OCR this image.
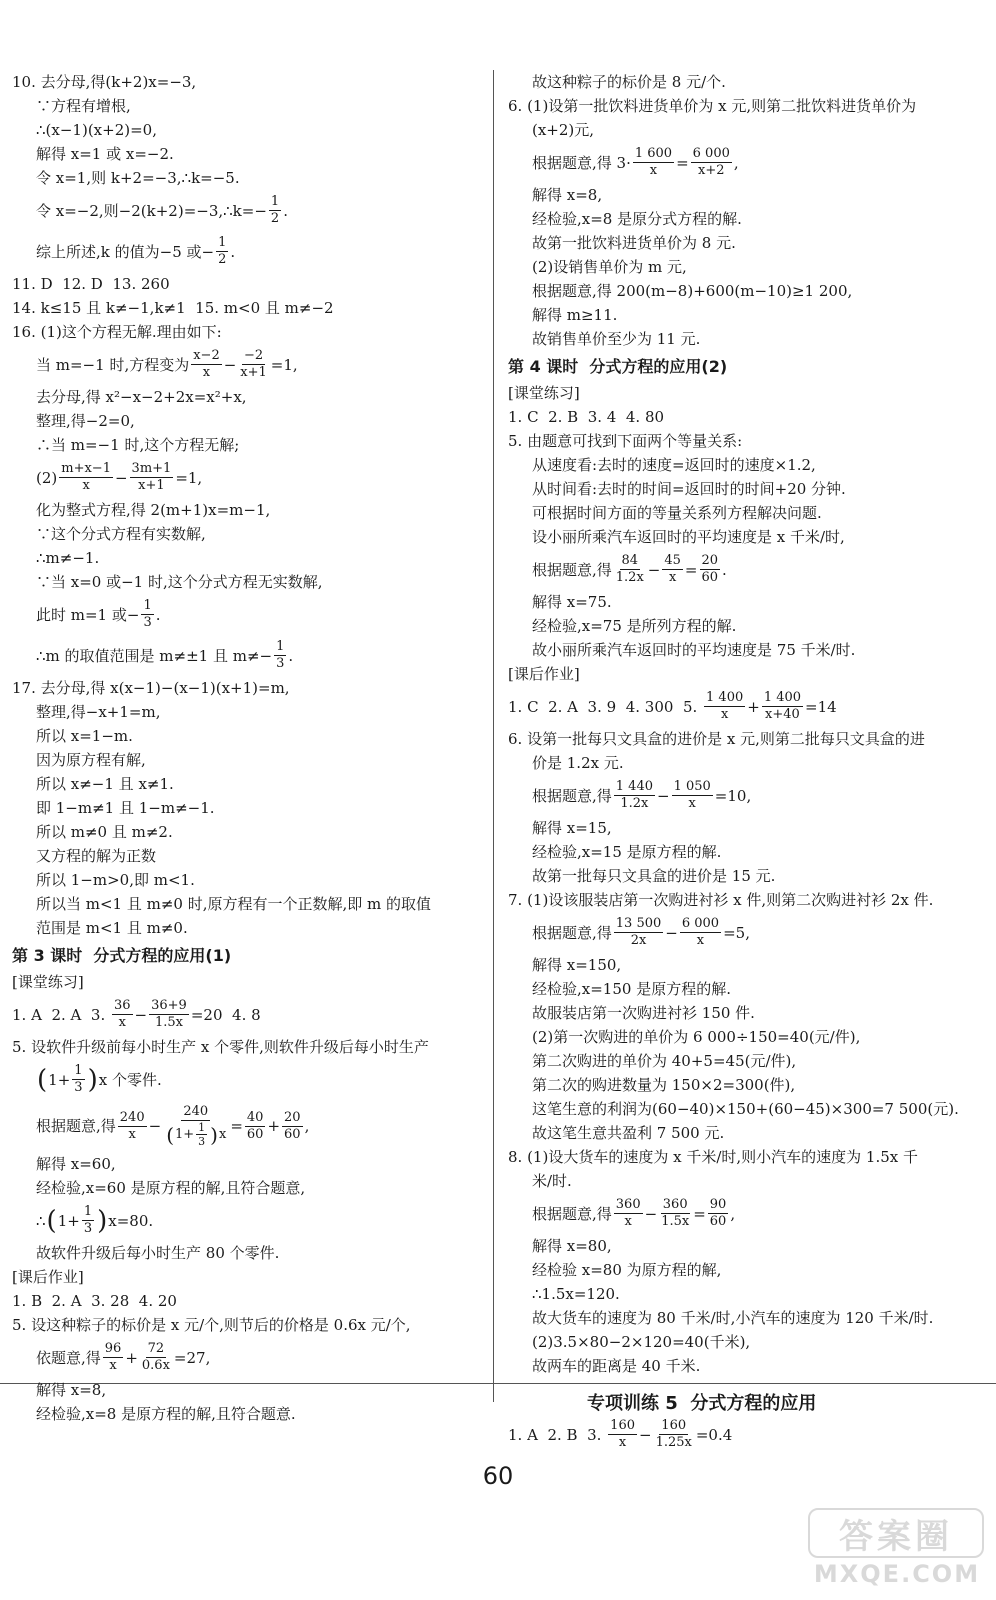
10. 去分母,得(k+2)x=−3,
∵方程有增根,
∴(x−1)(x+2)=0,
解得 x=1 或 x=−2.
令 x=1,则 k+2=−3,∴k=−5.
令 x=−2,则−2(k+2)=−3,∴k=− $\frac{1}{2}$ .
综上所述,k 的值为−5 或− $\frac{1}{2}$ .
11. D  12. D  13. 260
14. k≤15 且 k≠−1,k≠1  15. m<0 且 m≠−2
16. (1)这个方程无解.理由如下:
当 m=−1 时,方程变为 $\frac{x-2}{x} - \frac{-2}{x+1} =1$,
去分母,得 x²−x−2+2x=x²+x,
整理,得−2=0,
∴当 m=−1 时,这个方程无解;
$(2) \frac{m+x-1}{x} - \frac{3m+1}{x+1} =1$,
化为整式方程,得 2(m+1)x=m−1,
∵这个分式方程有实数解,
∴m≠−1.
∵当 x=0 或−1 时,这个分式方程无实数解,
此时 m=1 或− $\frac{1}{3}$ .
∴m 的取值范围是 m≠±1 且 $m\ne- \frac{1}{3}$ .
17. 去分母,得 x(x−1)−(x−1)(x+1)=m,
整理,得−x+1=m,
所以 x=1−m.
因为原方程有解,
所以 x≠−1 且 x≠1.
即 1−m≠1 且 1−m≠−1.
所以 m≠0 且 m≠2.
又方程的解为正数
所以 1−m>0,即 m<1.
所以当 m<1 且 m≠0 时,原方程有一个正数解,即 m 的取值
范围是 m<1 且 m≠0.
第 3 课时  分式方程的应用(1)
[课堂练习]
1. A  2. A  3. $\frac{36}{x} - \frac{36+9}{1.5x} =20$  4. 8
5. 设软件升级前每小时生产 x 个零件,则软件升级后每小时生产
( $1+ \frac{1}{3}$ ) x 个零件.
根据题意,得 $\frac{240}{x} - \frac{240}{( 1+ \frac{1}{3} ) x} = \frac{40}{60} + \frac{20}{60}$ ,
解得 x=60,
经检验,x=60 是原方程的解,且符合题意,
∴ ( $1+ \frac{1}{3}$ ) x=80.
故软件升级后每小时生产 80 个零件.
[课后作业]
1. B  2. A  3. 28  4. 20
5. 设这种粽子的标价是 x 元/个,则节后的价格是 0.6x 元/个,
依题意,得 $\frac{96}{x} + \frac{72}{0.6x} =27$,
解得 x=8,
经检验,x=8 是原方程的解,且符合题意.
故这种粽子的标价是 8 元/个.
6. (1)设第一批饮料进货单价为 x 元,则第二批饮料进货单价为
(x+2)元,
根据题意,得 $3\cdot \frac{1 600}{x} = \frac{6 000}{x+2}$ ,
解得 x=8,
经检验,x=8 是原分式方程的解.
故第一批饮料进货单价为 8 元.
(2)设销售单价为 m 元,
根据题意,得 200(m−8)+600(m−10)≥1 200,
解得 m≥11.
故销售单价至少为 11 元.
第 4 课时  分式方程的应用(2)
[课堂练习]
1. C  2. B  3. 4  4. 80
5. 由题意可找到下面两个等量关系:
从速度看:去时的速度=返回时的速度×1.2,
从时间看:去时的时间=返回时的时间+20 分钟.
可根据时间方面的等量关系列方程解决问题.
设小丽所乘汽车返回时的平均速度是 x 千米/时,
根据题意,得 $\frac{84}{1.2x} - \frac{45}{x} = \frac{20}{60}$ .
解得 x=75.
经检验,x=75 是所列方程的解.
故小丽所乘汽车返回时的平均速度是 75 千米/时.
[课后作业]
1. C  2. A  3. 9  4. 300  5. $\frac{1 400}{x} + \frac{1 400}{x+40} =14$
6. 设第一批每只文具盒的进价是 x 元,则第二批每只文具盒的进
价是 1.2x 元.
根据题意,得 $\frac{1 440}{1.2x} - \frac{1 050}{x} =10$,
解得 x=15,
经检验,x=15 是原方程的解.
故第一批每只文具盒的进价是 15 元.
7. (1)设该服装店第一次购进衬衫 x 件,则第二次购进衬衫 2x 件.
根据题意,得 $\frac{13 500}{2x} - \frac{6 000}{x} =5$,
解得 x=150,
经检验,x=150 是原方程的解.
故服装店第一次购进衬衫 150 件.
(2)第一次购进的单价为 6 000÷150=40(元/件),
第二次购进的单价为 40+5=45(元/件),
第二次的购进数量为 150×2=300(件),
这笔生意的利润为(60−40)×150+(60−45)×300=7 500(元).
故这笔生意共盈利 7 500 元.
8. (1)设大货车的速度为 x 千米/时,则小汽车的速度为 1.5x 千
米/时.
根据题意,得 $\frac{360}{x} - \frac{360}{1.5x} = \frac{90}{60}$ ,
解得 x=80,
经检验 x=80 为原方程的解,
∴1.5x=120.
故大货车的速度为 80 千米/时,小汽车的速度为 120 千米/时.
(2)3.5×80−2×120=40(千米),
故两车的距离是 40 千米.
专项训练 5  分式方程的应用
1. A  2. B  3. $\frac{160}{x} - \frac{160}{1.25x} =0.4$
60
答案圈
MXQE.COM
